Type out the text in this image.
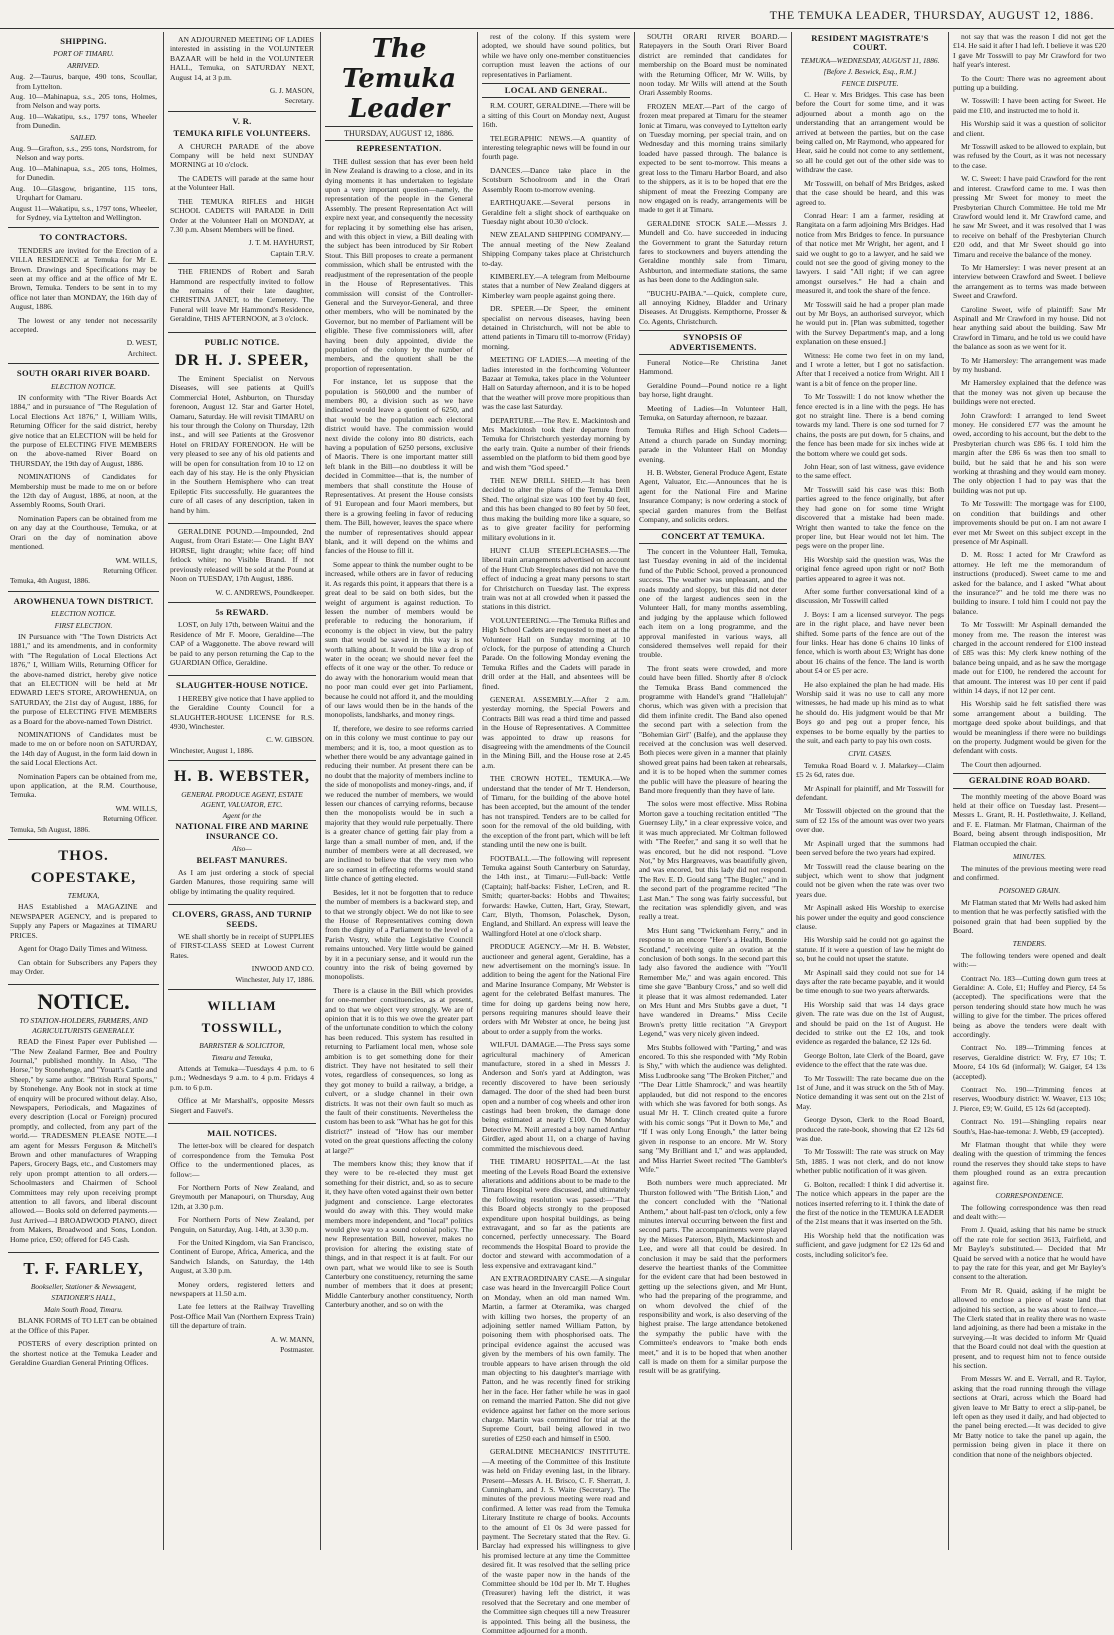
THE TEMUKA LEADER, THURSDAY, AUGUST 12, 1886.
SHIPPING.
PORT OF TIMARU.
ARRIVED.
Aug. 2—Taurus, barque, 490 tons, Scoullar, from Lyttelton.
Aug. 10—Mahinapua, s.s., 205 tons, Holmes, from Nelson and way ports.
Aug. 10—Wakatipu, s.s., 1797 tons, Wheeler from Dunedin.
SAILED.
Aug. 9—Grafton, s.s., 295 tons, Nordstrom, for Nelson and way ports.
Aug. 10—Mahinapua, s.s., 205 tons, Holmes, for Dunedin.
Aug. 10—Glasgow, brigantine, 115 tons, Urquhart for Oamaru.
August 11—Wakatipu, s.s., 1797 tons, Wheeler, for Sydney, via Lyttelton and Wellington.
TO CONTRACTORS.

TENDERS are invited for the Erection of a VILLA RESIDENCE at Temuka for Mr E. Brown. Drawings and Specifications may be seen at my office and at the office of Mr E. Brown, Temuka. Tenders to be sent in to my office not later than MONDAY, the 16th day of August, 1886.

The lowest or any tender not necessarily accepted.

D. WEST,
Architect.
SOUTH ORARI RIVER BOARD.
ELECTION NOTICE.

IN conformity with "The River Boards Act 1884," and in pursuance of "The Regulation of Local Elections Act 1876," I, William Wills, Returning Officer for the said district, hereby give notice that an ELECTION will be held for the purpose of ELECTING FIVE MEMBERS on the above-named River Board on THURSDAY, the 19th day of August, 1886.

NOMINATIONS of Candidates for Membership must be made to me on or before the 12th day of August, 1886, at noon, at the Assembly Rooms, South Orari.

Nomination Papers can be obtained from me on any day at the Courthouse, Temuka, or at Orari on the day of nomination above mentioned.

WM. WILLS,
Returning Officer.
Temuka, 4th August, 1886.
AROWHENUA TOWN DISTRICT.
ELECTION NOTICE.
FIRST ELECTION.

IN Pursuance with "The Town Districts Act 1881," and its amendments, and in conformity with "The Regulation of Local Elections Act 1876," I, William Wills, Returning Officer for the above-named district, hereby give notice that an ELECTION will be held at Mr EDWARD LEE'S STORE, AROWHENUA, on SATURDAY, the 21st day of August, 1886, for the purpose of ELECTING FIVE MEMBERS as a Board for the above-named Town District.

NOMINATIONS of Candidates must be made to me on or before noon on SATURDAY, the 14th day of August, in the form laid down in the said Local Elections Act.

Nomination Papers can be obtained from me, upon application, at the R.M. Courthouse, Temuka.

WM. WILLS,
Returning Officer.
Temuka, 5th August, 1886.
THOS. COPESTAKE,
TEMUKA,

HAS Established a MAGAZINE and NEWSPAPER AGENCY, and is prepared to Supply any Papers or Magazines at TIMARU PRICES.

Agent for Otago Daily Times and Witness.

Can obtain for Subscribers any Papers they may Order.

NOTICE.
TO STATION-HOLDERS, FARMERS, AND AGRICULTURISTS GENERALLY.

READ the Finest Paper ever Published — "The New Zealand Farmer, Bee and Poultry Journal," published monthly. In Also, "The Horse," by Stonehenge, and "Youatt's Cattle and Sheep," by same author. "British Rural Sports," by Stonehenge. Any Book not in stock at time of enquiry will be procured without delay. Also, Newspapers, Periodicals, and Magazines of every description (Local or Foreign) procured promptly, and collected, from any part of the world.— TRADESMEN PLEASE NOTE.—I am agent for Messrs Ferguson & Mitchell's Brown and other manufactures of Wrapping Papers, Grocery Bags, etc., and Customers may rely upon prompt attention to all orders.—Schoolmasters and Chairmen of School Committees may rely upon receiving prompt attention to all favors, and liberal discount allowed.— Books sold on deferred payments.—Just Arrived—I BROADWOOD PIANO, direct from Makers, Broadwood and Sons, London. Home price, £50; offered for £45 Cash.

T. F. FARLEY,
Bookseller, Stationer & Newsagent,
STATIONER'S HALL,
Main South Road, Timaru.

BLANK FORMS of TO LET can be obtained at the Office of this Paper.

POSTERS of every description printed on the shortest notice at the Temuka Leader and Geraldine Guardian General Printing Offices.

AN ADJOURNED MEETING OF LADIES interested in assisting in the VOLUNTEER BAZAAR will be held in the VOLUNTEER HALL, Temuka, on SATURDAY NEXT, August 14, at 3 p.m.

G. J. MASON,
Secretary.
V. R.
TEMUKA RIFLE VOLUNTEERS.

A CHURCH PARADE of the above Company will be held next SUNDAY MORNING at 10 o'clock.

The CADETS will parade at the same hour at the Volunteer Hall.

THE TEMUKA RIFLES and HIGH SCHOOL CADETS will PARADE in Drill Order at the Volunteer Hall on MONDAY, at 7.30 p.m. Absent Members will be fined.

J. T. M. HAYHURST,
Captain T.R.V.

THE FRIENDS of Robert and Sarah Hammond are respectfully invited to follow the remains of their late daughter, CHRISTINA JANET, to the Cemetery. The Funeral will leave Mr Hammond's Residence, Geraldine, THIS AFTERNOON, at 3 o'clock.

PUBLIC NOTICE.
DR H. J. SPEER,

The Eminent Specialist on Nervous Diseases, will see patients at Quill's Commercial Hotel, Ashburton, on Thursday forenoon, August 12. Star and Garter Hotel, Oamaru, Saturday. He will revisit TIMARU on his tour through the Colony on Thursday, 12th inst., and will see Patients at the Grosvenor Hotel on FRIDAY FORENOON. He will be very pleased to see any of his old patients and will be open for consultation from 10 to 12 on each day of his stay. He is the only Physician in the Southern Hemisphere who can treat Epileptic Fits successfully. He guarantees the cure of all cases of any description, taken in hand by him.

GERALDINE POUND.—Impounded, 2nd August, from Orari Estate:— One Light BAY HORSE, light draught; white face; off hind fetlock white; no Visible Brand. If not previously released will be sold at the Pound at Noon on TUESDAY, 17th August, 1886.

W. C. ANDREWS, Poundkeeper.
5s REWARD.

LOST, on July 17th, between Waitui and the Residence of Mr F. Moore, Geraldine—The CAP of a Waggonette. The above reward will be paid to any person returning the Cap to the GUARDIAN Office, Geraldine.

SLAUGHTER-HOUSE NOTICE.

I HEREBY give notice that I have applied to the Geraldine County Council for a SLAUGHTER-HOUSE LICENSE for R.S. 4930, Winchester.

C. W. GIBSON.
Winchester, August 1, 1886.
H. B. WEBSTER,
GENERAL PRODUCE AGENT, ESTATE AGENT, VALUATOR, ETC.
Agent for the
NATIONAL FIRE AND MARINE INSURANCE CO.
Also—
BELFAST MANURES.

As I am just ordering a stock of special Garden Manures, those requiring same will oblige by intimating the quality required.

CLOVERS, GRASS, AND TURNIP SEEDS.

WE shall shortly be in receipt of SUPPLIES of FIRST-CLASS SEED at Lowest Current Rates.

INWOOD AND CO.
Winchester, July 17, 1886.
WILLIAM TOSSWILL,
BARRISTER & SOLICITOR,
Timaru and Temuka,

Attends at Temuka—Tuesdays 4 p.m. to 6 p.m.; Wednesdays 9 a.m. to 4 p.m. Fridays 4 p.m. to 6 p.m.

Office at Mr Marshall's, opposite Messrs Siegert and Fauvel's.

MAIL NOTICES.

The letter-box will be cleared for despatch of correspondence from the Temuka Post Office to the undermentioned places, as follow:—

For Northern Ports of New Zealand, and Greymouth per Manapouri, on Thursday, Aug 12th, at 3.30 p.m.

For Northern Ports of New Zealand, per Penguin, on Saturday, Aug. 14th, at 3.30 p.m.

For the United Kingdom, via San Francisco, Continent of Europe, Africa, America, and the Sandwich Islands, on Saturday, the 14th August, at 3.30 p.m.

Money orders, registered letters and newspapers at 11.50 a.m.

Late fee letters at the Railway Travelling Post-Office Mail Van (Northern Express Train) till the departure of train.

A. W. MANN,
Postmaster.
The Temuka Leader
THURSDAY, AUGUST 12, 1886.
REPRESENTATION.

THE dullest session that has ever been held in New Zealand is drawing to a close, and in its dying moments it has undertaken to legislate upon a very important question—namely, the representation of the people in the General Assembly. The present Representation Act will expire next year, and consequently the necessity for replacing it by something else has arisen, and with this object in view, a Bill dealing with the subject has been introduced by Sir Robert Stout. This Bill proposes to create a permanent commission, which shall be entrusted with the readjustment of the representation of the people in the House of Representatives. This commission will consist of the Controller-General and the Surveyor-General, and three other members, who will be nominated by the Governor, but no member of Parliament will be eligible. These five commissioners will, after having been duly appointed, divide the population of the colony by the number of members, and the quotient shall be the proportion of representation.

For instance, let us suppose that the population is 560,000 and the number of members 80, a division such as we have indicated would leave a quotient of 6250, and that would be the population each electoral district would have. The commission would next divide the colony into 80 districts, each having a population of 6250 persons, exclusive of Maoris. There is one important matter still left blank in the Bill—no doubtless it will be decided in Committee—that is, the number of members that shall constitute the House of Representatives. At present the House consists of 91 European and four Maori members, but there is a growing feeling in favor of reducing them. The Bill, however, leaves the space where the number of representatives should appear blank, and it will depend on the whims and fancies of the House to fill it.

Some appear to think the number ought to be increased, while others are in favor of reducing it. As regards this point, it appears that there is a great deal to be said on both sides, but the weight of argument is against reduction. To lessen the number of members would be preferable to reducing the honorarium, if economy is the object in view, but the paltry sum that would be saved in this way is not worth talking about. It would be like a drop of water in the ocean; we should never feel the effects of it one way or the other. To reduce or do away with the honorarium would mean that no poor man could ever get into Parliament, because he could not afford it, and the moulding of our laws would then be in the hands of the monopolists, landsharks, and money rings.

If, therefore, we desire to see reforms carried on in this colony we must continue to pay our members; and it is, too, a moot question as to whether there would be any advantage gained in reducing their number. At present there can be no doubt that the majority of members incline to the side of monopolists and money-rings, and, if we reduced the number of members, we would lessen our chances of carrying reforms, because then the monopolists would be in such a majority that they would rule perpetually. There is a greater chance of getting fair play from a large than a small number of men, and, if the number of members were at all decreased, we are inclined to believe that the very men who are so earnest in effecting reforms would stand little chance of getting elected.

Besides, let it not be forgotten that to reduce the number of members is a backward step, and to that we strongly object. We do not like to see the House of Representatives coming down from the dignity of a Parliament to the level of a Parish Vestry, while the Legislative Council remains untouched. Very little would be gained by it in a pecuniary sense, and it would run the country into the risk of being governed by monopolists.

There is a clause in the Bill which provides for one-member constituencies, as at present, and to that we object very strongly. We are of opinion that it is to this we owe the greater part of the unfortunate condition to which the colony has been reduced. This system has resulted in returning to Parliament local men, whose sole ambition is to get something done for their district. They have not hesitated to sell their votes, regardless of consequences, so long as they got money to build a railway, a bridge, a culvert, or a sludge channel in their own districts. It was not their own fault so much as the fault of their constituents. Nevertheless the custom has been to ask "What has he got for this district?" instead of "How has our member voted on the great questions affecting the colony at large?"

The members know this; they know that if they were to be re-elected they must get something for their district, and, so as to secure it, they have often voted against their own better judgment and conscience. Large electorates would do away with this. They would make members more independent, and "local" politics would give way to a sound colonial policy. The new Representation Bill, however, makes no provision for altering the existing state of things, and in that respect it is at fault. For our own part, what we would like to see is South Canterbury one constituency, returning the same number of members that it does at present; Middle Canterbury another constituency, North Canterbury another, and so on with the

rest of the colony. If this system were adopted, we should have sound politics, but while we have only one-member constituencies corruption must leaven the actions of our representatives in Parliament.

LOCAL AND GENERAL.

R.M. COURT, GERALDINE.—There will be a sitting of this Court on Monday next, August 16th.

TELEGRAPHIC NEWS.—A quantity of interesting telegraphic news will be found in our fourth page.

DANCES.—Dance take place in the Scotsburn Schoolroom and in the Orari Assembly Room to-morrow evening.

EARTHQUAKE.—Several persons in Geraldine felt a slight shock of earthquake on Tuesday night about 10.30 o'clock.

NEW ZEALAND SHIPPING COMPANY.—The annual meeting of the New Zealand Shipping Company takes place at Christchurch to-day.

KIMBERLEY.—A telegram from Melbourne states that a number of New Zealand diggers at Kimberley warn people against going there.

DR. SPEER.—Dr Speer, the eminent specialist on nervous diseases, having been detained in Christchurch, will not be able to attend patients in Timaru till to-morrow (Friday) morning.

MEETING OF LADIES.—A meeting of the ladies interested in the forthcoming Volunteer Bazaar at Temuka, takes place in the Volunteer Hall on Saturday afternoon, and it is to be hoped that the weather will prove more propitious than was the case last Saturday.

DEPARTURE.—The Rev. E. Mackintosh and Mrs Mackintosh took their departure from Temuka for Christchurch yesterday morning by the early train. Quite a number of their friends assembled on the platform to bid them good bye and wish them "God speed."

THE NEW DRILL SHED.—It has been decided to alter the plans of the Temuka Drill Shed. The original size was 100 feet by 40 feet, and this has been changed to 80 feet by 50 feet, thus making the building more like a square, so as to give greater facility for performing military evolutions in it.

HUNT CLUB STEEPLECHASES.—The liberal train arrangements advertised on account of the Hunt Club Steeplechases did not have the effect of inducing a great many persons to start for Christchurch on Tuesday last. The express train was not at all crowded when it passed the stations in this district.

VOLUNTEERING.—The Temuka Rifles and High School Cadets are requested to meet at the Volunteer Hall on Sunday morning at 10 o'clock, for the purpose of attending a Church Parade. On the following Monday evening the Temuka Rifles and the Cadets will parade in drill order at the Hall, and absentees will be fined.

GENERAL ASSEMBLY.—After 2 a.m. yesterday morning, the Special Powers and Contracts Bill was read a third time and passed in the House of Representatives. A Committee was appointed to draw up reasons for disagreeing with the amendments of the Council in the Mining Bill, and the House rose at 2.45 a.m.

THE CROWN HOTEL, TEMUKA.—We understand that the tender of Mr T. Henderson, of Timaru, for the building of the above hotel has been accepted, but the amount of the tender has not transpired. Tenders are to be called for soon for the removal of the old building, with the exception of the front part, which will be left standing until the new one is built.

FOOTBALL.—The following will represent Temuka against South Canterbury on Saturday, the 14th inst., at Timaru:—Full-back: Vettle (Captain); half-backs: Fisher, LeCren, and R. Smith; quarter-backs: Hobbs and Thwaites; forwards: Hawke, Cutten, Hart, Gray, Stewart, Carr, Blyth, Thomson, Polaschek, Dyson, England, and Shillard. An express will leave the Wallingford Hotel at one o'clock sharp.

PRODUCE AGENCY.—Mr H. B. Webster, auctioneer and general agent, Geraldine, has a new advertisement on the morning's issue. In addition to being the agent for the National Fire and Marine Insurance Company, Mr Webster is agent for the celebrated Belfast manures. The time for doing up gardens being now here, persons requiring manures should leave their orders with Mr Webster at once, he being just about to order a supply from the works.

WILFUL DAMAGE.—The Press says some agricultural machinery of American manufacture, stored in a shed in Messrs J. Anderson and Son's yard at Addington, was recently discovered to have been seriously damaged. The door of the shed had been burst open and a number of cog wheels and other iron castings had been broken, the damage done being estimated at nearly £100. On Monday Detective M. Neill arrested a boy named Arthur Girdler, aged about 11, on a charge of having committed the mischievous deed.

THE TIMARU HOSPITAL.—At the last meeting of the Levels Road Board the extensive alterations and additions about to be made to the Timaru Hospital were discussed, and ultimately the following resolution was passed:—"That this Board objects strongly to the proposed expenditure upon hospital buildings, as being extravagant, and so far as the patients are concerned, perfectly unnecessary. The Board recommends the Hospital Board to provide the doctor and steward with accommodation of a less expensive and extravagant kind."

AN EXTRAORDINARY CASE.—A singular case was heard in the Invercargill Police Court on Monday, when an old man named Wm. Martin, a farmer at Oteramika, was charged with killing two horses, the property of an adjoining settler named William Patton, by poisoning them with phosphorised oats. The principal evidence against the accused was given by the members of his own family. The trouble appears to have arisen through the old man objecting to his daughter's marriage with Patton, and he was recently fined for striking her in the face. Her father while he was in gaol on remand the married Patton. She did not give evidence against her father on the more serious charge. Martin was committed for trial at the Supreme Court, bail being allowed in two sureties of £250 each and himself in £500.

GERALDINE MECHANICS' INSTITUTE.—A meeting of the Committee of this Institute was held on Friday evening last, in the library. Present—Messrs A. H. Brisco, C. F. Sherratt, J. Cunningham, and J. S. Waite (Secretary). The minutes of the previous meeting were read and confirmed. A letter was read from the Temuka Literary Institute re charge of books. Accounts to the amount of £1 0s 3d were passed for payment. The Secretary stated that the Rev. G. Barclay had expressed his willingness to give his promised lecture at any time the Committee desired fit. It was resolved that the selling price of the waste paper now in the hands of the Committee should be 10d per lb. Mr T. Hughes (Treasurer) having left the district, it was resolved that the Secretary and one member of the Committee sign cheques till a new Treasurer is appointed. This being all the business, the Committee adjourned for a month.

SOUTH ORARI RIVER BOARD.—Ratepayers in the South Orari River Board district are reminded that candidates for membership on the Board must be nominated with the Returning Officer, Mr W. Wills, by noon today. Mr Wills will attend at the South Orari Assembly Rooms.

FROZEN MEAT.—Part of the cargo of frozen meat prepared at Timaru for the steamer Ionic at Timaru, was conveyed to Lyttelton early on Tuesday morning, per special train, and on Wednesday and this morning trains similarly loaded have passed through. The balance is expected to be sent to-morrow. This means a great loss to the Timaru Harbor Board, and also to the shippers, as it is to be hoped that ere the shipment of meat the Freezing Company are now engaged on is ready, arrangements will be made to get it at Timaru.

GERALDINE STOCK SALE.—Messrs J. Mundell and Co. have succeeded in inducing the Government to grant the Saturday return fares to stockowners and buyers attending the Geraldine monthly sale from Timaru, Ashburton, and intermediate stations, the same as has been done to the Addington sale.

"BUCHU-PAIBA."—Quick, complete cure, all annoying Kidney, Bladder and Urinary Diseases. At Druggists. Kempthorne, Prosser & Co. Agents, Christchurch.

SYNOPSIS OF ADVERTISEMENTS.

Funeral Notice—Re Christina Janet Hammond.

Geraldine Pound—Pound notice re a light bay horse, light draught.

Meeting of Ladies—In Volunteer Hall, Temuka, on Saturday afternoon, re bazaar.

Temuka Rifles and High School Cadets—Attend a church parade on Sunday morning; parade in the Volunteer Hall on Monday evening.

H. B. Webster, General Produce Agent, Estate Agent, Valuator, Etc.—Announces that he is agent for the National Fire and Marine Insurance Company; is now ordering a stock of special garden manures from the Belfast Company, and solicits orders.

CONCERT AT TEMUKA.

The concert in the Volunteer Hall, Temuka, last Tuesday evening in aid of the incidental fund of the Public School, proved a pronounced success. The weather was unpleasant, and the roads muddy and sloppy, but this did not deter one of the largest audiences seen in the Volunteer Hall, for many months assembling, and judging by the applause which followed each item on a long programme, and the approval manifested in various ways, all considered themselves well repaid for their trouble.

The front seats were crowded, and more could have been filled. Shortly after 8 o'clock the Temuka Brass Band commenced the programme with Handel's grand "Hallelujah" chorus, which was given with a precision that did them infinite credit. The Band also opened the second part with a selection from the "Bohemian Girl" (Balfe), and the applause they received at the conclusion was well deserved. Both pieces were given in a manner that plainly showed great pains had been taken at rehearsals, and it is to be hoped when the summer comes the public will have the pleasure of hearing the Band more frequently than they have of late.

The solos were most effective. Miss Robina Morton gave a touching recitation entitled "The Guernsey Lily," in a clear expressive voice, and it was much appreciated. Mr Coltman followed with "The Reefer," and sang it so well that he was encored, but he did not respond. "Love Not," by Mrs Hargreaves, was beautifully given, and was encored, but this lady did not respond. The Rev. E. D. Gould sang "The Bugler," and in the second part of the programme recited "The Last Man." The song was fairly successful, but the recitation was splendidly given, and was really a treat.

Mrs Hunt sang "Twickenham Ferry," and in response to an encore "Here's a Health, Bonnie Scotland," receiving quite an ovation at the conclusion of both songs. In the second part this lady also favored the audience with "You'll Remember Me," and was again encored. This time she gave "Banbury Cross," and so well did it please that it was almost redemanded. Later on Mrs Hunt and Mrs Stubbs gave a duet, "I have wandered in Dreams." Miss Cecile Brown's pretty little recitation "A Greyport Legend," was very nicely given indeed.

Mrs Stubbs followed with "Parting," and was encored. To this she responded with "My Robin is Shy," with which the audience was delighted. Miss Ludbrooke sang "The Broken Pitcher," and "The Dear Little Shamrock," and was heartily applauded, but did not respond to the encores with which she was favored for both songs. As usual Mr H. T. Clinch created quite a furore with his comic songs "Put it Down to Me," and "If I was only Long Enough," the latter being given in response to an encore. Mr W. Story sang "My Brilliant and I," and was applauded, and Miss Harriet Sweet recited "The Gambler's Wife."

Both numbers were much appreciated. Mr Thurston followed with "The British Lion," and the concert concluded with the "National Anthem," about half-past ten o'clock, only a few minutes interval occurring between the first and second parts. The accompaniments were played by the Misses Paterson, Blyth, Mackintosh and Lee, and were all that could be desired. In conclusion it may be said that the performers deserve the heartiest thanks of the Committee for the evident care that had been bestowed in getting up the selections given, and Mr Hunt, who had the preparing of the programme, and on whom devolved the chief of the responsibility and work, is also deserving of the highest praise. The large attendance betokened the sympathy the public have with the Committee's endeavors to "make both ends meet," and it is to be hoped that when another call is made on them for a similar purpose the result will be as gratifying.

RESIDENT MAGISTRATE'S COURT.
TEMUKA—WEDNESDAY, AUGUST 11, 1886.
[Before J. Beswick, Esq., R.M.]
FENCE DISPUTE.

C. Hear v. Mrs Bridges. This case has been before the Court for some time, and it was adjourned about a month ago on the understanding that an arrangement would be arrived at between the parties, but on the case being called on, Mr Raymond, who appeared for Hear, said he could not come to any settlement, so all he could get out of the other side was to withdraw the case.

Mr Tosswill, on behalf of Mrs Bridges, asked that the case should be heard, and this was agreed to.

Conrad Hear: I am a farmer, residing at Rangitata on a farm adjoining Mrs Bridges. Had notice from Mrs Bridges to fence. In pursuance of that notice met Mr Wright, her agent, and I said we ought to go to a lawyer, and he said we could not see the good of giving money to the lawyers. I said "All right; if we can agree amongst ourselves." He had a chain and measured it, and took the share of the fence.

Mr Tosswill said he had a proper plan made out by Mr Boys, an authorised surveyor, which he would put in. [Plan was submitted, together with the Survey Department's map, and a long explanation on these ensued.]

Witness: He come two feet in on my land, and I wrote a letter, but I got no satisfaction. After that I received a notice from Wright. All I want is a bit of fence on the proper line.

To Mr Tosswill: I do not know whether the fence erected is in a line with the pegs. He has got no straight line. There is a bend coming towards my land. There is one sod turned for 7 chains, the posts are put down, for 5 chains, and the fence has been made for six inches wide at the bottom where we could get sods.

John Hear, son of last witness, gave evidence to the same effect.

Mr Tosswill said his case was this: Both parties agreed to the fence originally, but after they had gone on for some time Wright discovered that a mistake had been made. Wright then wanted to take the fence on the proper line, but Hear would not let him. The pegs were on the proper line.

His Worship said the question was, Was the original fence agreed upon right or not? Both parties appeared to agree it was not.

After some further conversational kind of a discussion, Mr Tosswill called

J. Boys: I am a licensed surveyor. The pegs are in the right place, and have never been shifted. Some parts of the fence are out of the four links. Hear has done 6 chains 10 links of fence, which is worth about £3; Wright has done about 16 chains of the fence. The land is worth about £4 or £5 per acre.

He also explained the plan he had made. His Worship said it was no use to call any more witnesses, he had made up his mind as to what he should do. His judgment would be that Mr Boys go and peg out a proper fence, his expenses to be borne equally by the parties to the suit, and each party to pay his own costs.

CIVIL CASES.

Temuka Road Board v. J. Malarkey—Claim £5 2s 6d, rates due.

Mr Aspinall for plaintiff, and Mr Tosswill for defendant.

Mr Tosswill objected on the ground that the sum of £2 15s of the amount was over two years over due.

Mr Aspinall urged that the summons had been served before the two years had expired.

Mr Tosswill read the clause bearing on the subject, which went to show that judgment could not be given when the rate was over two years due.

Mr Aspinall asked His Worship to exercise his power under the equity and good conscience clause.

His Worship said he could not go against the statute. If it were a question of law he might do so, but he could not upset the statute.

Mr Aspinall said they could not sue for 14 days after the rate became payable, and it would be time enough to sue two years afterwards.

His Worship said that was 14 days grace given. The rate was due on the 1st of August, and should be paid on the 1st of August. He decided to strike out the £2 10s, and took evidence as regarded the balance, £2 12s 6d.

George Bolton, late Clerk of the Board, gave evidence to the effect that the rate was due.

To Mr Tosswill: The rate became due on the 1st of June, and it was struck on the 5th of May. Notice demanding it was sent out on the 21st of May.

George Dyson, Clerk to the Road Board, produced the rate-book, showing that £2 12s 6d was due.

To Mr Tosswill: The rate was struck on May 5th, 1885. I was not clerk, and do not know whether public notification of it was given.

G. Bolton, recalled: I think I did advertise it. The notice which appears in the paper are the notices inserted referring to it. I think the date of the first of the notice in the TEMUKA LEADER of the 21st means that it was inserted on the 5th.

His Worship held that the notification was sufficient, and gave judgment for £2 12s 6d and costs, including solicitor's fee.

not say that was the reason I did not get the £14. He said it after I had left. I believe it was £20 I gave Mr Tosswill to pay Mr Crawford for two half year's interest.

To the Court: There was no agreement about putting up a building.

W. Tosswill: I have been acting for Sweet. He paid me £10, and instructed me to hold it.

His Worship said it was a question of solicitor and client.

Mr Tosswill asked to be allowed to explain, but was refused by the Court, as it was not necessary to the case.

W. C. Sweet: I have paid Crawford for the rent and interest. Crawford came to me. I was then pressing Mr Sweet for money to meet the Presbyterian Church Committee. He told me Mr Crawford would lend it. Mr Crawford came, and he saw Mr Sweet, and it was resolved that I was to receive on behalf of the Presbyterian Church £20 odd, and that Mr Sweet should go into Timaru and receive the balance of the money.

To Mr Hamersley: I was never present at an interview between Crawford and Sweet. I believe the arrangement as to terms was made between Sweet and Crawford.

Caroline Sweet, wife of plaintiff: Saw Mr Aspinall and Mr Crawford in my house. Did not hear anything said about the building. Saw Mr Crawford in Timaru, and he told us we could have the balance as soon as we went for it.

To Mr Hamersley: The arrangement was made by my husband.

Mr Hamersley explained that the defence was that the money was not given up because the buildings were not erected.

John Crawford: I arranged to lend Sweet money. He considered £77 was the amount he owed, according to his account, but the debt to the Presbyterian church was £86 6s. I told him the margin after the £86 6s was then too small to build, but he said that he and his son were working at thrashing and they would earn money. The only objection I had to pay was that the building was not put up.

To Mr Tosswill: The mortgage was for £100, on condition that buildings and other improvements should be put on. I am not aware I ever met Mr Sweet on this subject except in the presence of Mr Aspinall.

D. M. Ross: I acted for Mr Crawford as attorney. He left me the memorandum of instructions (produced). Sweet came to me and asked for the balance, and I asked "What about the insurance?" and he told me there was no building to insure. I told him I could not pay the balance.

To Mr Tosswill: Mr Aspinall demanded the money from me. The reason the interest was charged in the account rendered for £100 instead of £85 was this: My clerk knew nothing of the balance being unpaid, and as he saw the mortgage made out for £100, he rendered the account for that amount. The interest was 10 per cent if paid within 14 days, if not 12 per cent.

His Worship said he felt satisfied there was some arrangement about a building. The mortgage deed spoke about buildings, and that would be meaningless if there were no buildings on the property. Judgment would be given for the defendant with costs.

The Court then adjourned.

GERALDINE ROAD BOARD.

The monthly meeting of the above Board was held at their office on Tuesday last. Present—Messrs L. Grant, R. H. Postlethwaite, J. Kelland, and F. E. Flatman. Mr Flatman, Chairman of the Board, being absent through indisposition, Mr Flatman occupied the chair.

MINUTES.

The minutes of the previous meeting were read and confirmed.

POISONED GRAIN.

Mr Flatman stated that Mr Wells had asked him to mention that he was perfectly satisfied with the poisoned grain that had been supplied by the Board.

TENDERS.

The following tenders were opened and dealt with:—

Contract No. 183—Cutting down gum trees at Geraldine: A. Cole, £1; Huffey and Piercy, £4 5s (accepted). The specifications were that the person tendering should state how much he was willing to give for the timber. The prices offered being as above the tenders were dealt with accordingly.

Contract No. 189—Trimming fences at reserves, Geraldine district: W. Fry, £7 10s; T. Moore, £4 10s 6d (informal); W. Gaiger, £4 13s (accepted).

Contract No. 190—Trimming fences at reserves, Woodbury district: W. Weaver, £13 10s; J. Pierce, £9; W. Guild, £5 12s 6d (accepted).

Contract No. 191—Shingling repairs near South's, Hae-hae-temona: J. Webb, £9 (accepted).

Mr Flatman thought that while they were dealing with the question of trimming the fences round the reserves they should take steps to have them ploughed round as an extra precaution against fire.

CORRESPONDENCE.

The following correspondence was then read and dealt with:—

From J. Quaid, asking that his name be struck off the rate role for section 3613, Fairfield, and Mr Bayley's substituted.— Decided that Mr Quaid be served with a notice that he would have to pay the rate for this year, and get Mr Bayley's consent to the alteration.

From Mr R. Quaid, asking if he might be allowed to enclose a piece of waste land that adjoined his section, as he was about to fence.—The Clerk stated that in reality there was no waste land adjoining, as there had been a mistake in the surveying.—It was decided to inform Mr Quaid that the Board could not deal with the question at present, and to request him not to fence outside his section.

From Messrs W. and E. Verrall, and R. Taylor, asking that the road running through the village sections at Orari, across which the Board had given leave to Mr Batty to erect a slip-panel, be left open as they used it daily, and had objected to the panel being erected.—It was decided to give Mr Batty notice to take the panel up again, the permission being given in place it there on condition that none of the neighbors objected.
